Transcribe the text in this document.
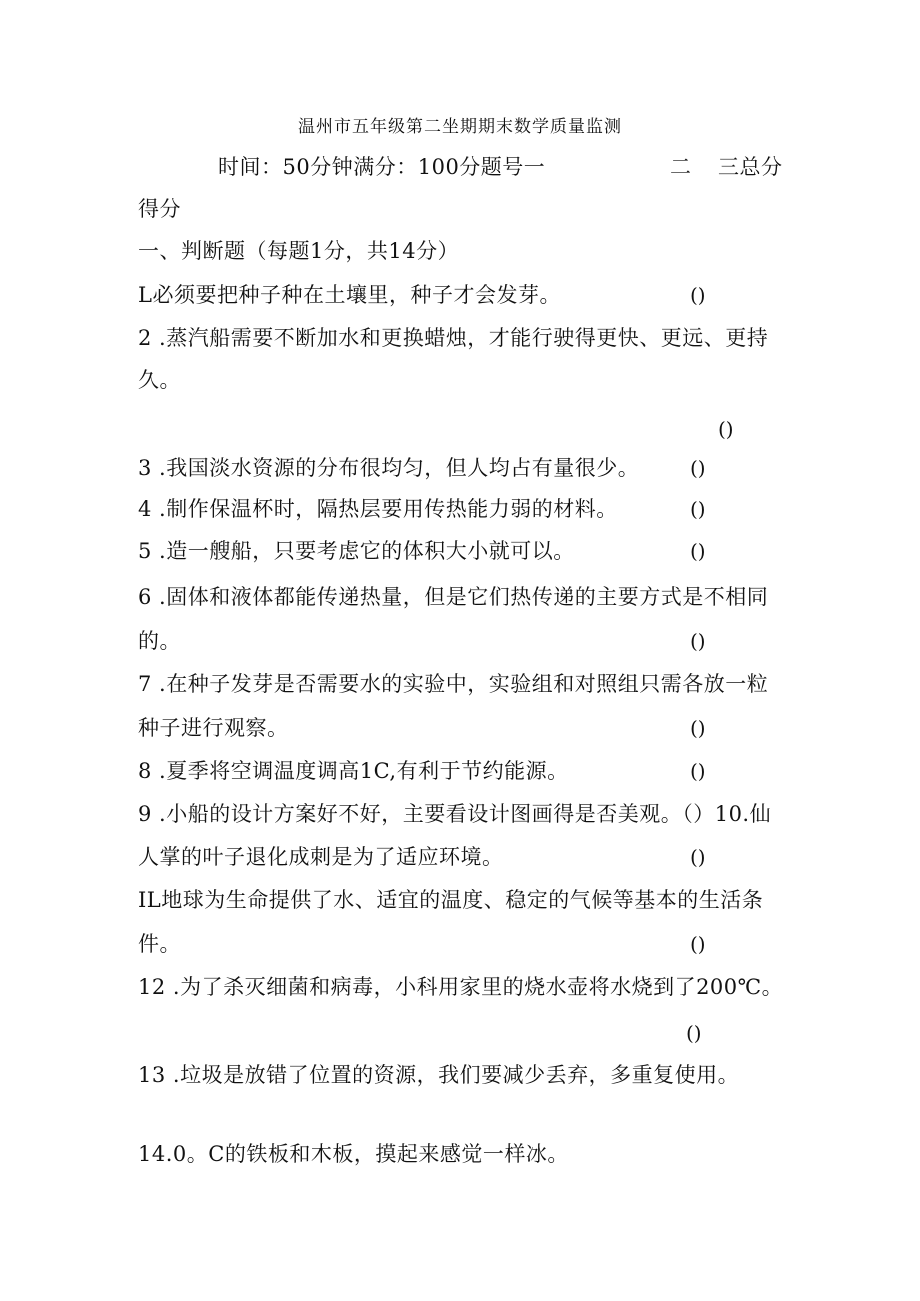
温州市五年级第二坐期期末数学质量监测
时间：50分钟满分：100分题号一	二 三总分
得分
一、判断题（每题1分，共14分）
L必须要把种子种在土壤里，种子才会发芽。	()
2 .蒸汽船需要不断加水和更换蜡烛，才能行驶得更快、更远、更持
久。
()
3 .我国淡水资源的分布很均匀，但人均占有量很少。	()
4 .制作保温杯时，隔热层要用传热能力弱的材料。	()
5 .造一艘船，只要考虑它的体积大小就可以。	()
6 .固体和液体都能传递热量，但是它们热传递的主要方式是不相同
的。	()
7 .在种子发芽是否需要水的实验中，实验组和对照组只需各放一粒
种子进行观察。	()
8 .夏季将空调温度调高1C,有利于节约能源。	()
9 .小船的设计方案好不好，主要看设计图画得是否美观。（）10.仙
人掌的叶子退化成刺是为了适应环境。	()
IL地球为生命提供了水、适宜的温度、稳定的气候等基本的生活条
件。	()
12 .为了杀灭细菌和病毒，小科用家里的烧水壶将水烧到了200℃。
()
13 .垃圾是放错了位置的资源，我们要减少丢弃，多重复使用。
14.0。C的铁板和木板，摸起来感觉一样冰。
